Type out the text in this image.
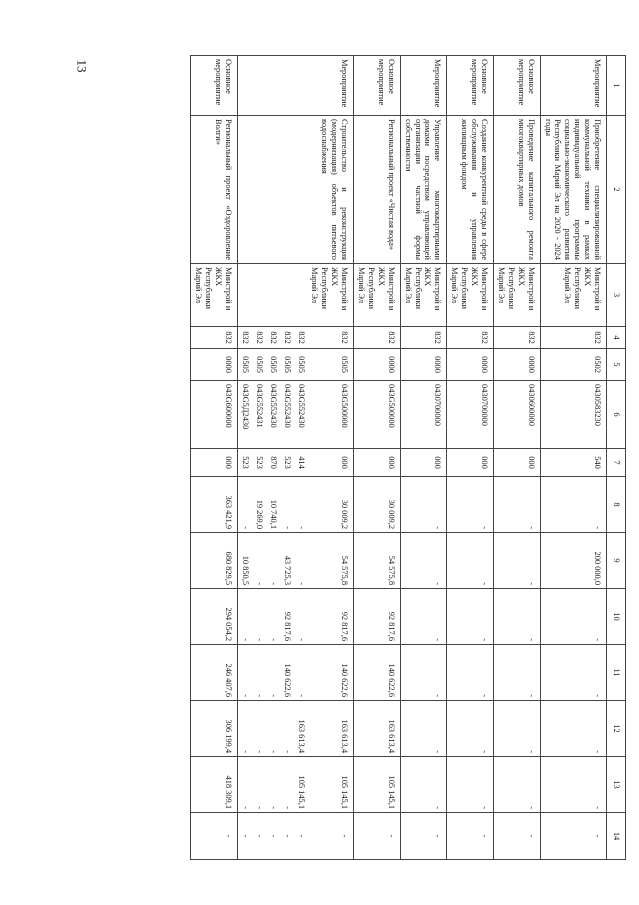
13
1	2	3	4	5	6	7	8	9	10	11	12	13	14
Мероприятие	Приобретение специализированной коммунальной техники в рамках индивидуальной программы социально-экономического развития Республики Марий Эл на 2020 - 2024 годы	Минстрой и ЖКХ Республики Марий Эл	832	0502	0430583230	540	-	200 000,0	-	-	-	-	-
Основное мероприятие	Проведение капитального ремонта многоквартирных домов	Минстрой и ЖКХ Республики Марий Эл	832	0000	0430600000	000	-	-	-	-	-	-	-
Основное мероприятие	Создание конкурентной среды в сфере обслуживания и управления жилищным фондом	Минстрой и ЖКХ Республики Марий Эл	832	0000	0430700000	000	-	-	-	-	-	-	-
Мероприятие	Управление многоквартирными домами посредством управляющей организации частной формы собственности	Минстрой и ЖКХ Республики Марий Эл	832	0000	0430700000	000	-	-	-	-	-	-	-
Основное мероприятие	Региональный проект «Чистая вода»	Минстрой и ЖКХ Республики Марий Эл	832	0000	043G500000	000	30 009,2	54 575,8	92 817,6	140 622,6	163 613,4	105 145,1	-
Мероприятие	Строительство и реконструкция (модернизация) объектов питьевого водоснабжения	Минстрой и ЖКХ Республики Марий Эл	832	0505	043G500000	000	30 009,2	54 575,8	92 817,6	140 622,6	163 613,4	105 145,1	-
			832	0505	043G552430	414	-	-	-	-	163 613,4	105 145,1	-
			832	0505	043G552430	523	-	43 725,3	92 817,6	140 622,6	-	-	-
			832	0505	043G552430	870	10 740,1	-	-	-	-	-	-
			832	0505	043G552431	523	19 269,0	-	-	-	-	-	-
			832	0505	043G5Д2430	523	-	10 850,5	-	-	-	-	-
Основное мероприятие	Региональный проект «Оздоровление Волги»	Минстрой и ЖКХ Республики Марий Эл	832	0000	043G600000	000	363 421,9	680 829,5	294 054,2	246 407,6	306 199,4	418 309,1	-
